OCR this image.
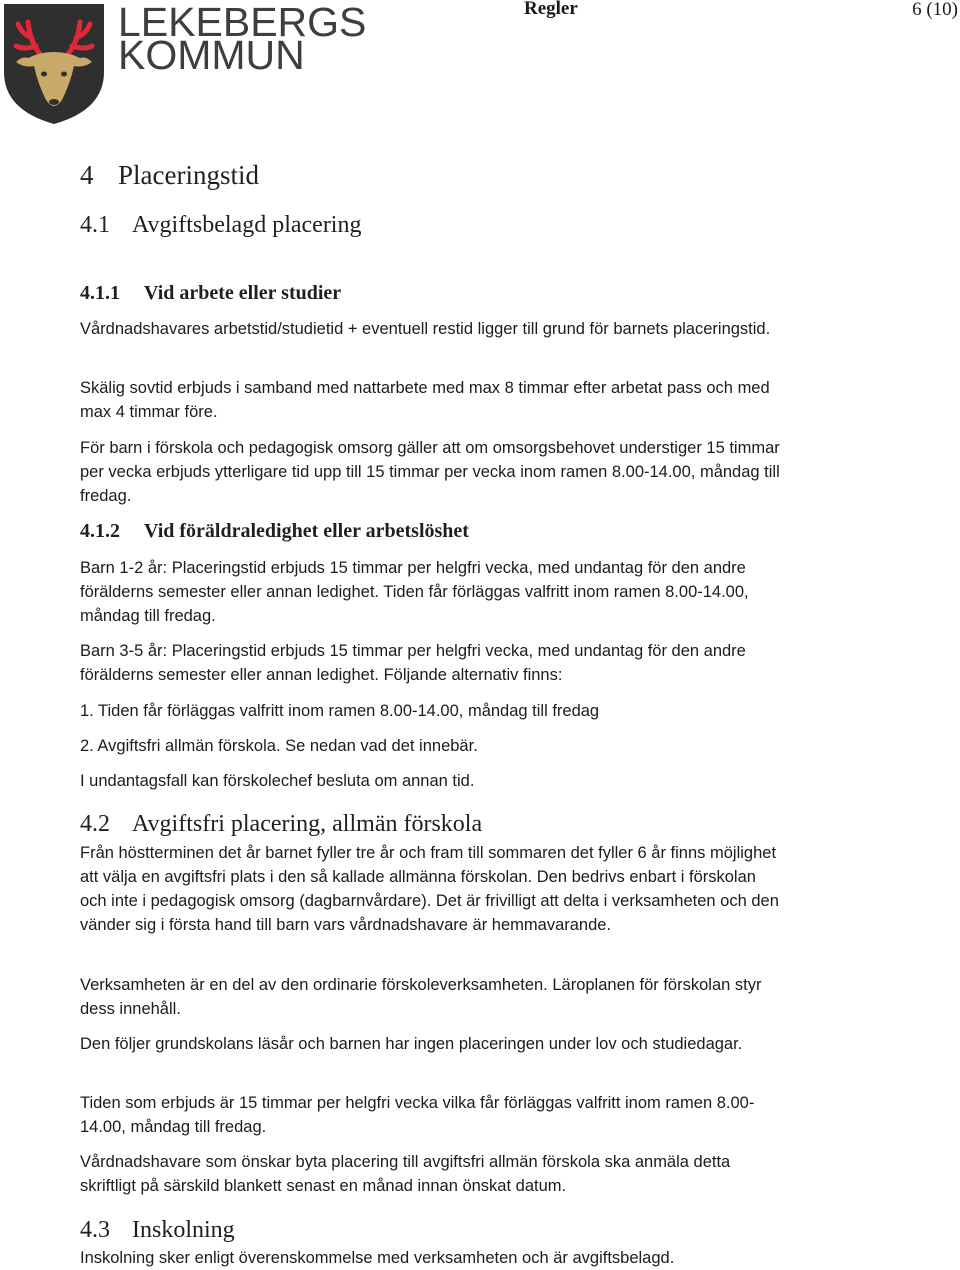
LEKEBERGS
KOMMUN
Regler	6 (10)
4 Placeringstid
4.1 Avgiftsbelagd placering
4.1.1 Vid arbete eller studier
Vårdnadshavares arbetstid/studietid + eventuell restid ligger till grund för barnets placeringstid.
Skälig sovtid erbjuds i samband med nattarbete med max 8 timmar efter arbetat pass och med max 4 timmar före.
För barn i förskola och pedagogisk omsorg gäller att om omsorgsbehovet understiger 15 timmar per vecka erbjuds ytterligare tid upp till 15 timmar per vecka inom ramen 8.00-14.00, måndag till fredag.
4.1.2 Vid föräldraledighet eller arbetslöshet
Barn 1-2 år: Placeringstid erbjuds 15 timmar per helgfri vecka, med undantag för den andre förälderns semester eller annan ledighet. Tiden får förläggas valfritt inom ramen 8.00-14.00, måndag till fredag.
Barn 3-5 år: Placeringstid erbjuds 15 timmar per helgfri vecka, med undantag för den andre förälderns semester eller annan ledighet. Följande alternativ finns:
1. Tiden får förläggas valfritt inom ramen 8.00-14.00, måndag till fredag
2. Avgiftsfri allmän förskola. Se nedan vad det innebär.
I undantagsfall kan förskolechef besluta om annan tid.
4.2 Avgiftsfri placering, allmän förskola
Från höstterminen det år barnet fyller tre år och fram till sommaren det fyller 6 år finns möjlighet att välja en avgiftsfri plats i den så kallade allmänna förskolan. Den bedrivs enbart i förskolan och inte i pedagogisk omsorg (dagbarnvårdare). Det är frivilligt att delta i verksamheten och den vänder sig i första hand till barn vars vårdnadshavare är hemmavarande.
Verksamheten är en del av den ordinarie förskoleverksamheten. Läroplanen för förskolan styr dess innehåll.
Den följer grundskolans läsår och barnen har ingen placeringen under lov och studiedagar.
Tiden som erbjuds är 15 timmar per helgfri vecka vilka får förläggas valfritt inom ramen 8.00-14.00, måndag till fredag.
Vårdnadshavare som önskar byta placering till avgiftsfri allmän förskola ska anmäla detta skriftligt på särskild blankett senast en månad innan önskat datum.
4.3 Inskolning
Inskolning sker enligt överenskommelse med verksamheten och är avgiftsbelagd.
